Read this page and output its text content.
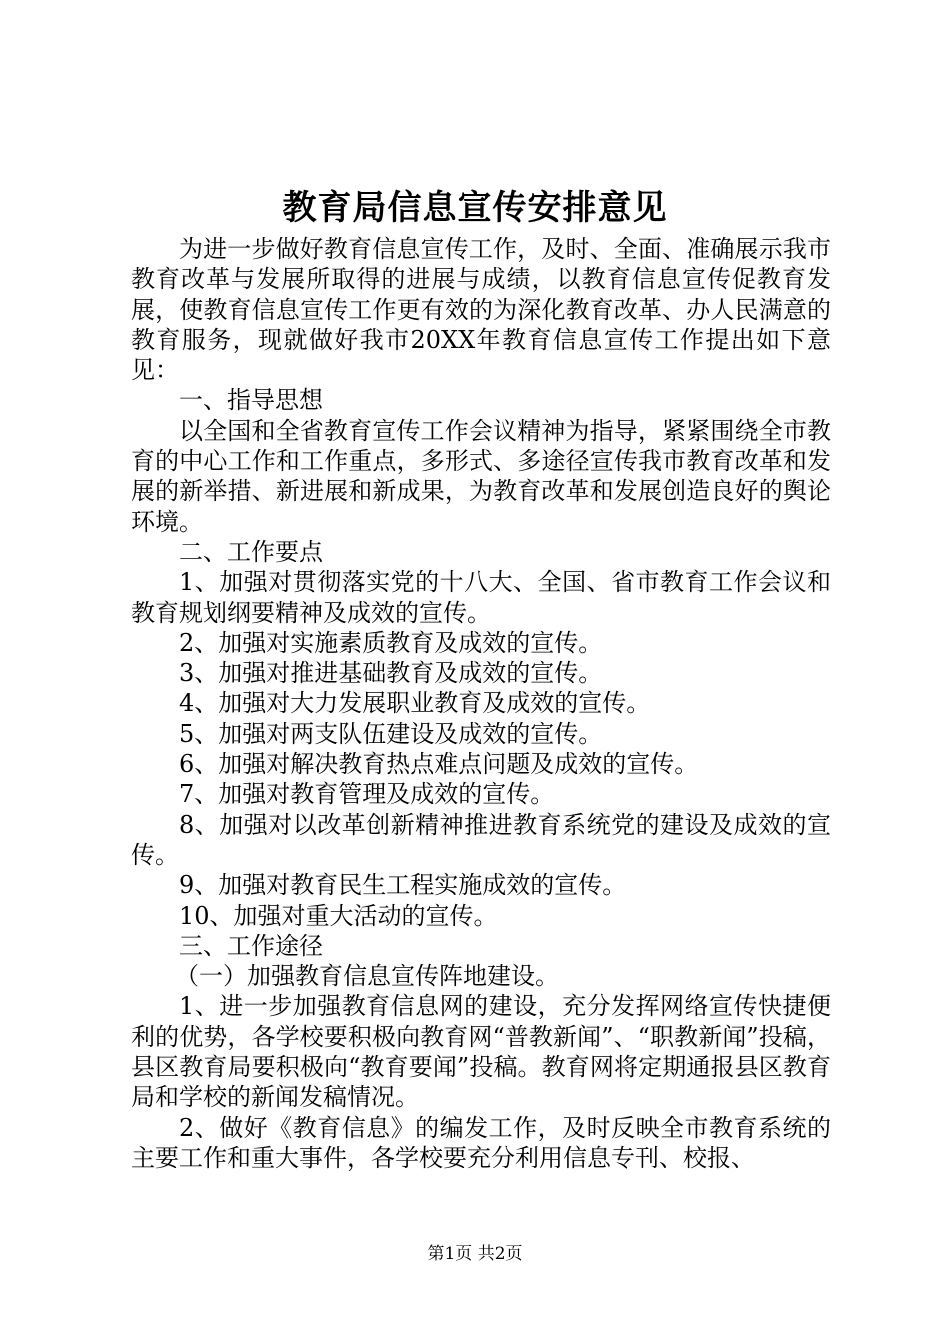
教育局信息宣传安排意见

为进一步做好教育信息宣传工作，及时、全面、准确展示我市教育改革与发展所取得的进展与成绩，以教育信息宣传促教育发展，使教育信息宣传工作更有效的为深化教育改革、办人民满意的教育服务，现就做好我市20XX年教育信息宣传工作提出如下意见：

一、指导思想

以全国和全省教育宣传工作会议精神为指导，紧紧围绕全市教育的中心工作和工作重点，多形式、多途径宣传我市教育改革和发展的新举措、新进展和新成果，为教育改革和发展创造良好的舆论环境。

二、工作要点

1、加强对贯彻落实党的十八大、全国、省市教育工作会议和教育规划纲要精神及成效的宣传。

2、加强对实施素质教育及成效的宣传。

3、加强对推进基础教育及成效的宣传。

4、加强对大力发展职业教育及成效的宣传。

5、加强对两支队伍建设及成效的宣传。

6、加强对解决教育热点难点问题及成效的宣传。

7、加强对教育管理及成效的宣传。

8、加强对以改革创新精神推进教育系统党的建设及成效的宣传。

9、加强对教育民生工程实施成效的宣传。

10、加强对重大活动的宣传。

三、工作途径

（一）加强教育信息宣传阵地建设。

1、进一步加强教育信息网的建设，充分发挥网络宣传快捷便利的优势，各学校要积极向教育网“普教新闻”、“职教新闻”投稿，县区教育局要积极向“教育要闻”投稿。教育网将定期通报县区教育局和学校的新闻发稿情况。

2、做好《教育信息》的编发工作，及时反映全市教育系统的主要工作和重大事件，各学校要充分利用信息专刊、校报、

第1页 共2页
